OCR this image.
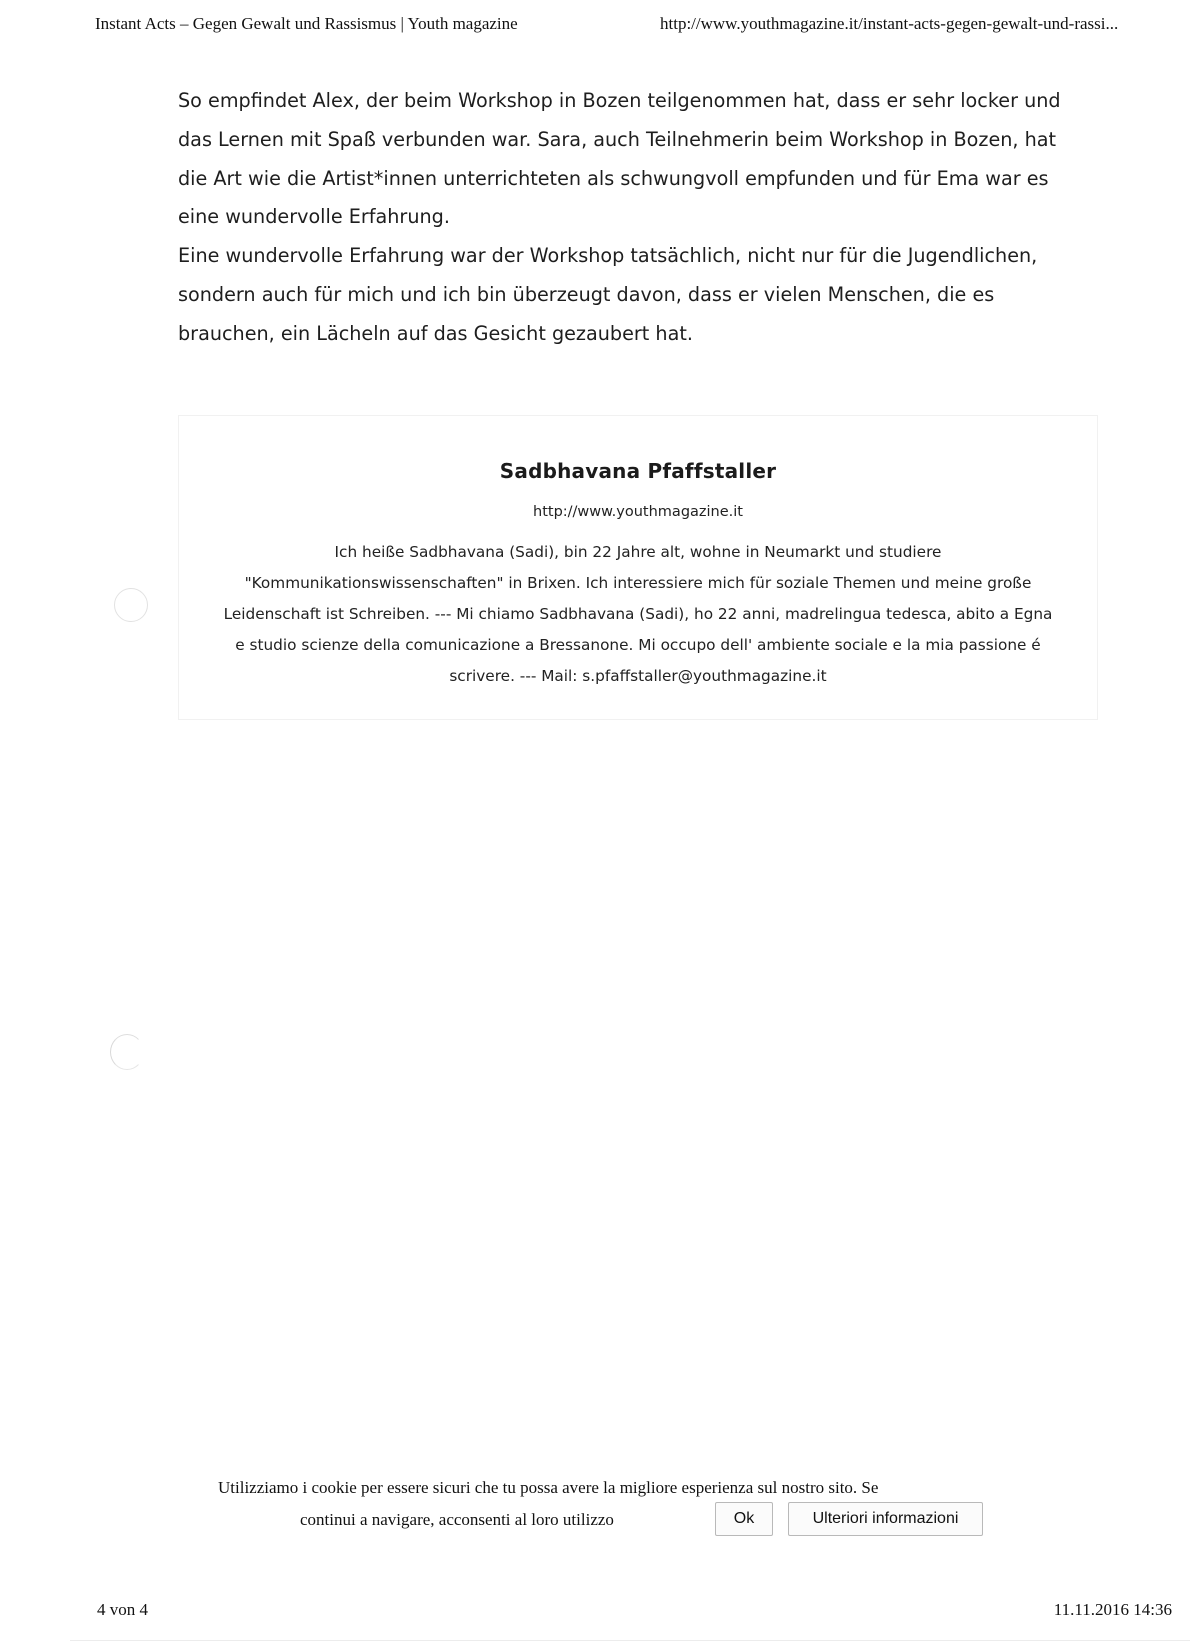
Instant Acts – Gegen Gewalt und Rassismus | Youth magazine	http://www.youthmagazine.it/instant-acts-gegen-gewalt-und-rassi...

So empfindet Alex, der beim Workshop in Bozen teilgenommen hat, dass er sehr locker und das Lernen mit Spaß verbunden war. Sara, auch Teilnehmerin beim Workshop in Bozen, hat die Art wie die Artist*innen unterrichteten als schwungvoll empfunden und für Ema war es eine wundervolle Erfahrung.

Eine wundervolle Erfahrung war der Workshop tatsächlich, nicht nur für die Jugendlichen, sondern auch für mich und ich bin überzeugt davon, dass er vielen Menschen, die es brauchen, ein Lächeln auf das Gesicht gezaubert hat.

Sadbhavana Pfaffstaller
http://www.youthmagazine.it
Ich heiße Sadbhavana (Sadi), bin 22 Jahre alt, wohne in Neumarkt und studiere "Kommunikationswissenschaften" in Brixen. Ich interessiere mich für soziale Themen und meine große Leidenschaft ist Schreiben. --- Mi chiamo Sadbhavana (Sadi), ho 22 anni, madrelingua tedesca, abito a Egna e studio scienze della comunicazione a Bressanone. Mi occupo dell' ambiente sociale e la mia passione é scrivere. --- Mail: s.pfaffstaller@youthmagazine.it
Utilizziamo i cookie per essere sicuri che tu possa avere la migliore esperienza sul nostro sito. Se
continui a navigare, acconsenti al loro utilizzo	Ok	Ulteriori informazioni
4 von 4	11.11.2016 14:36
